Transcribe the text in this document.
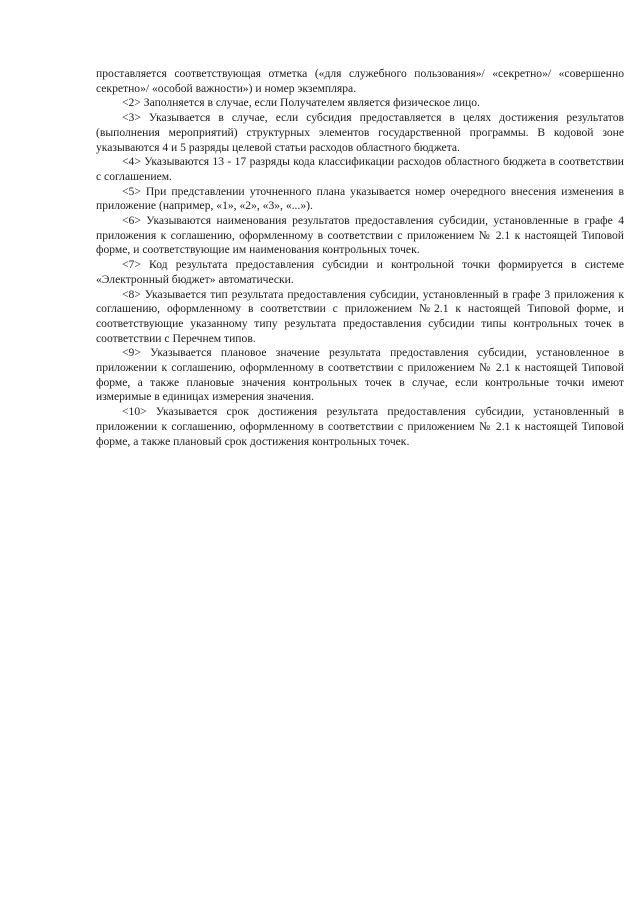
проставляется соответствующая отметка («для служебного пользования»/ «секретно»/ «совершенно секретно»/ «особой важности») и номер экземпляра.

<2> Заполняется в случае, если Получателем является физическое лицо.

<3> Указывается в случае, если субсидия предоставляется в целях достижения результатов (выполнения мероприятий) структурных элементов государственной программы. В кодовой зоне указываются 4 и 5 разряды целевой статьи расходов областного бюджета.

<4> Указываются 13 - 17 разряды кода классификации расходов областного бюджета в соответствии с соглашением.

<5> При представлении уточненного плана указывается номер очередного внесения изменения в приложение (например, «1», «2», «3», «...»).

<6> Указываются наименования результатов предоставления субсидии, установленные в графе 4 приложения к соглашению, оформленному в соответствии с приложением № 2.1 к настоящей Типовой форме, и соответствующие им наименования контрольных точек.

<7> Код результата предоставления субсидии и контрольной точки формируется в системе «Электронный бюджет» автоматически.

<8> Указывается тип результата предоставления субсидии, установленный в графе 3 приложения к соглашению, оформленному в соответствии с приложением №2.1 к настоящей Типовой форме, и соответствующие указанному типу результата предоставления субсидии типы контрольных точек в соответствии с Перечнем типов.

<9> Указывается плановое значение результата предоставления субсидии, установленное в приложении к соглашению, оформленному в соответствии с приложением № 2.1 к настоящей Типовой форме, а также плановые значения контрольных точек в случае, если контрольные точки имеют измеримые в единицах измерения значения.

<10> Указывается срок достижения результата предоставления субсидии, установленный в приложении к соглашению, оформленному в соответствии с приложением № 2.1 к настоящей Типовой форме, а также плановый срок достижения контрольных точек.
